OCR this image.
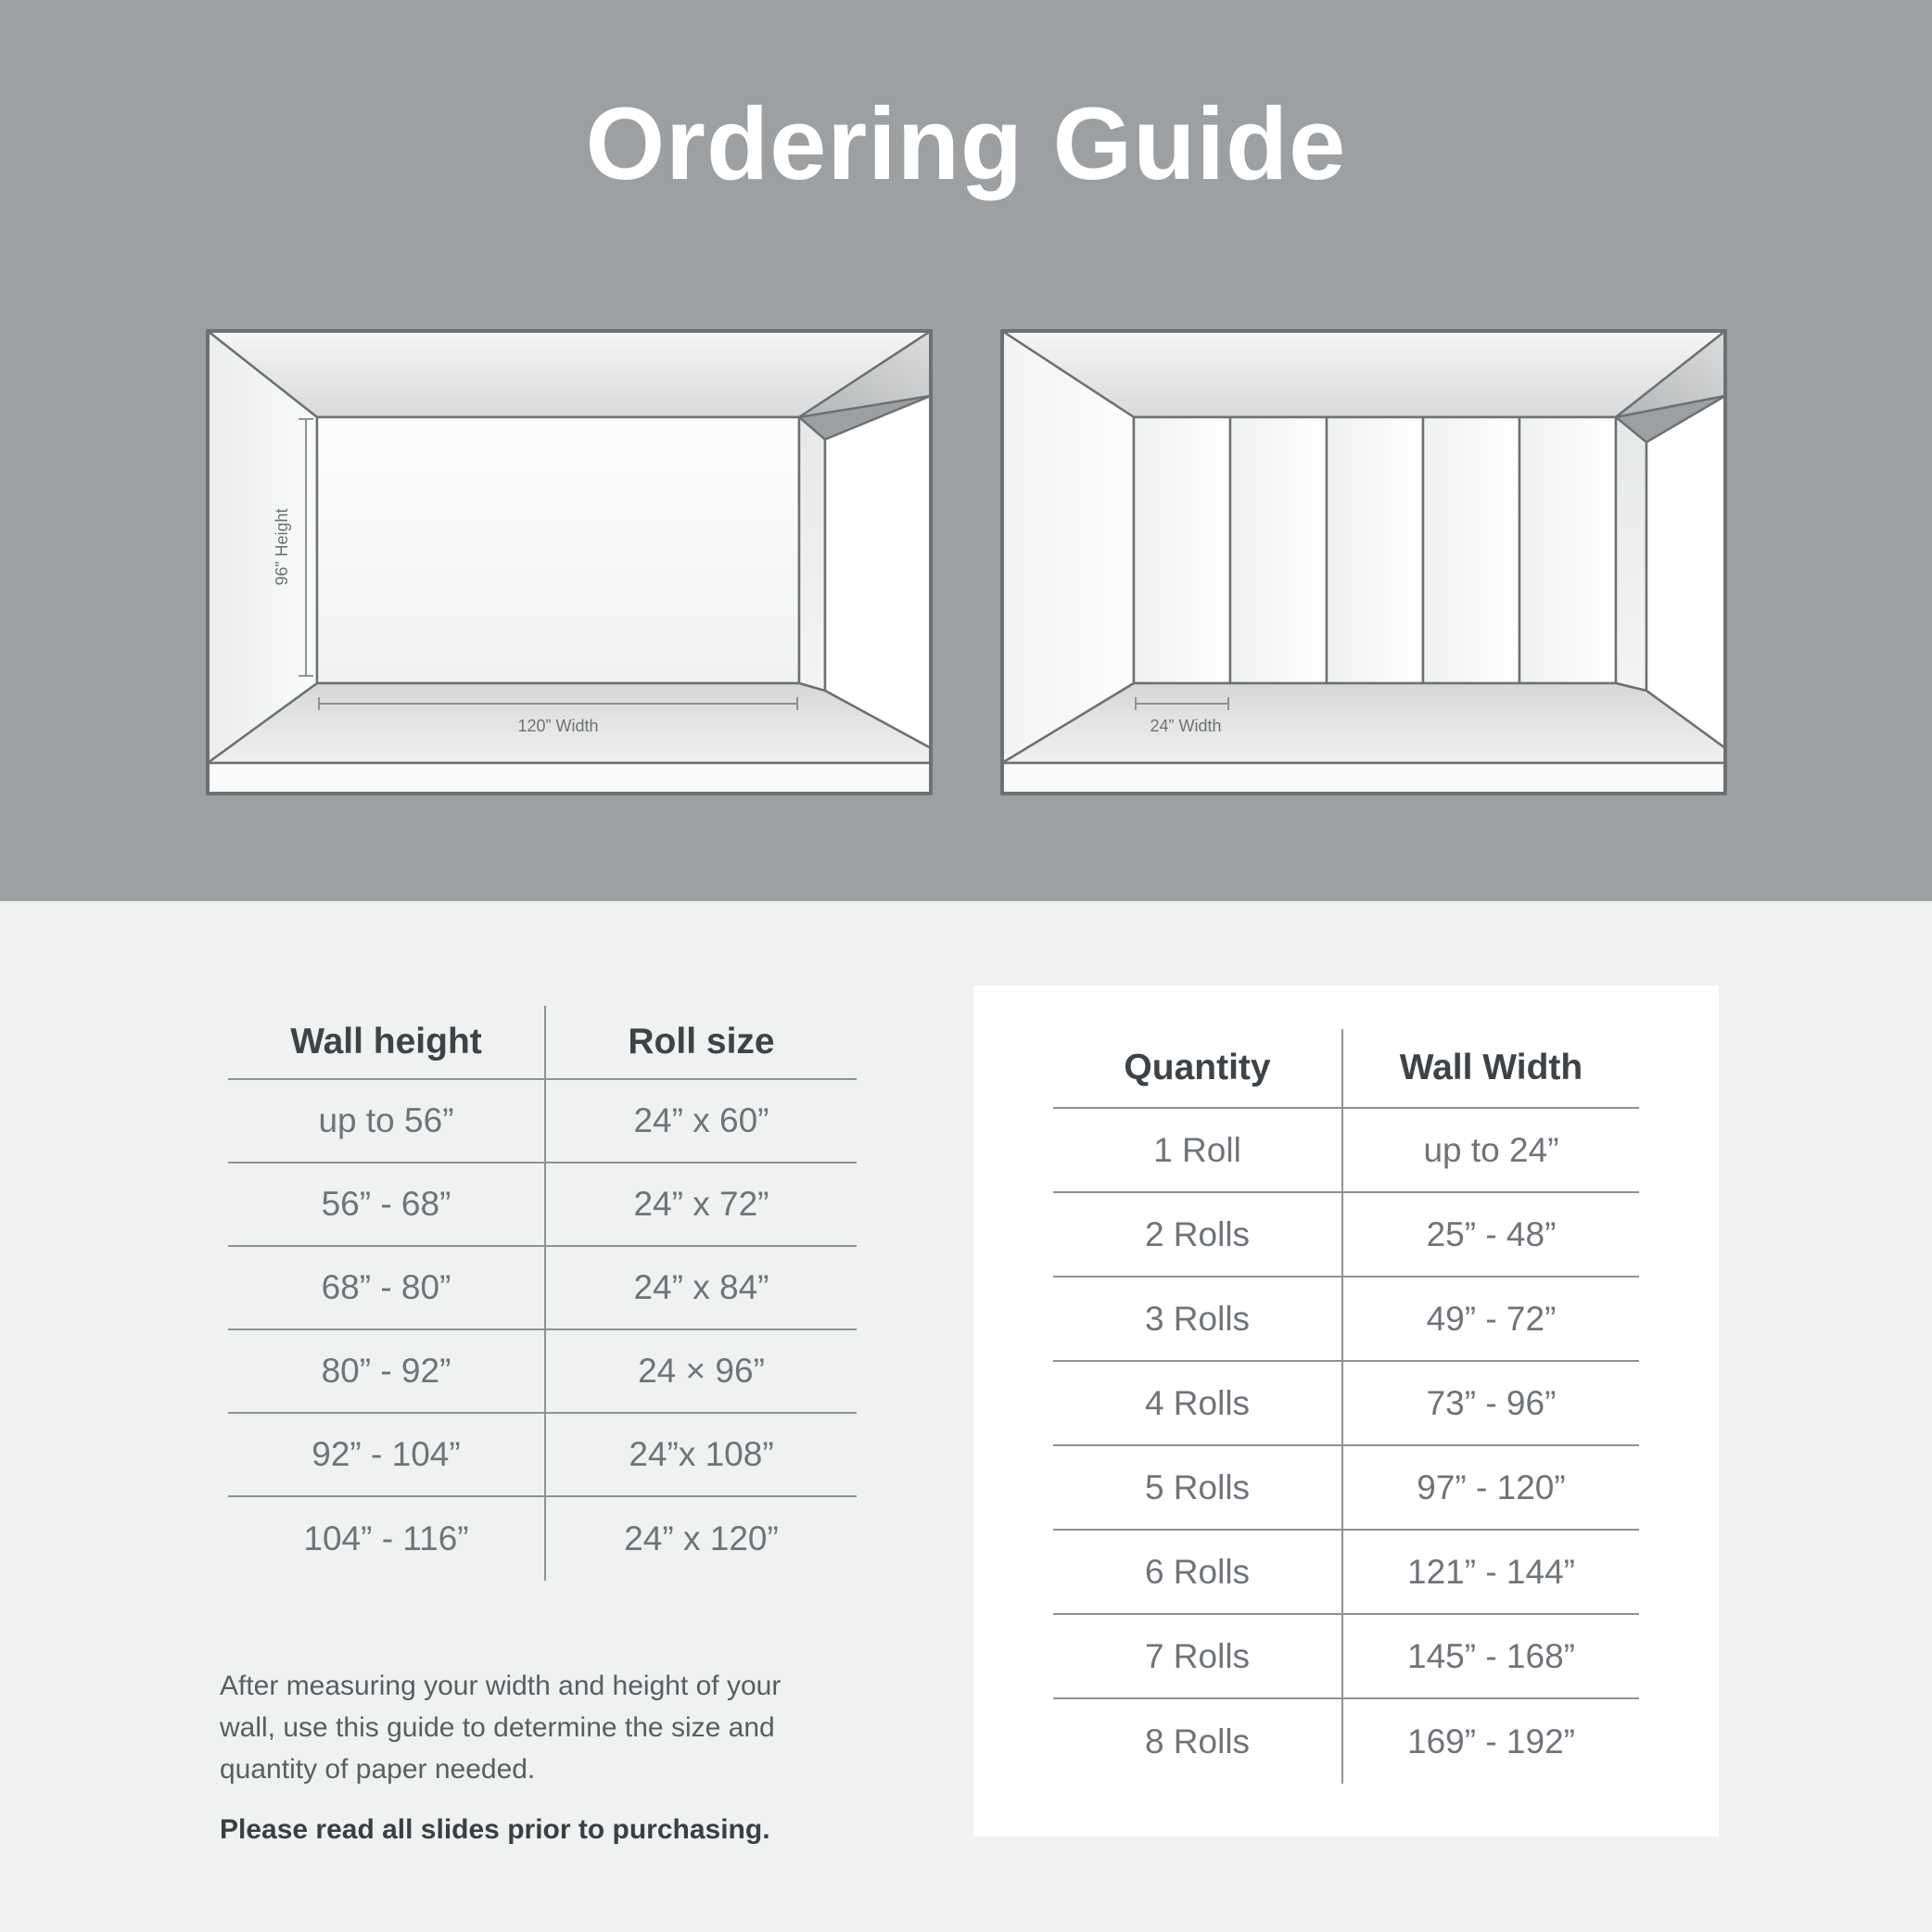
Ordering Guide
96” Height
120” Width	24” Width
Wall height	Roll size
up to 56”	24” x 60”
56” - 68”	24” x 72”
68” - 80”	24” x 84”
80” - 92”	24 × 96”
92” - 104”	24”x 108”
104” - 116”	24” x 120”

After measuring your width and height of your wall, use this guide to determine the size and quantity of paper needed.

Please read all slides prior to purchasing.

Quantity	Wall Width
1 Roll	up to 24”
2 Rolls	25” - 48”
3 Rolls	49” - 72”
4 Rolls	73” - 96”
5 Rolls	97” - 120”
6 Rolls	121” - 144”
7 Rolls	145” - 168”
8 Rolls	169” - 192”
